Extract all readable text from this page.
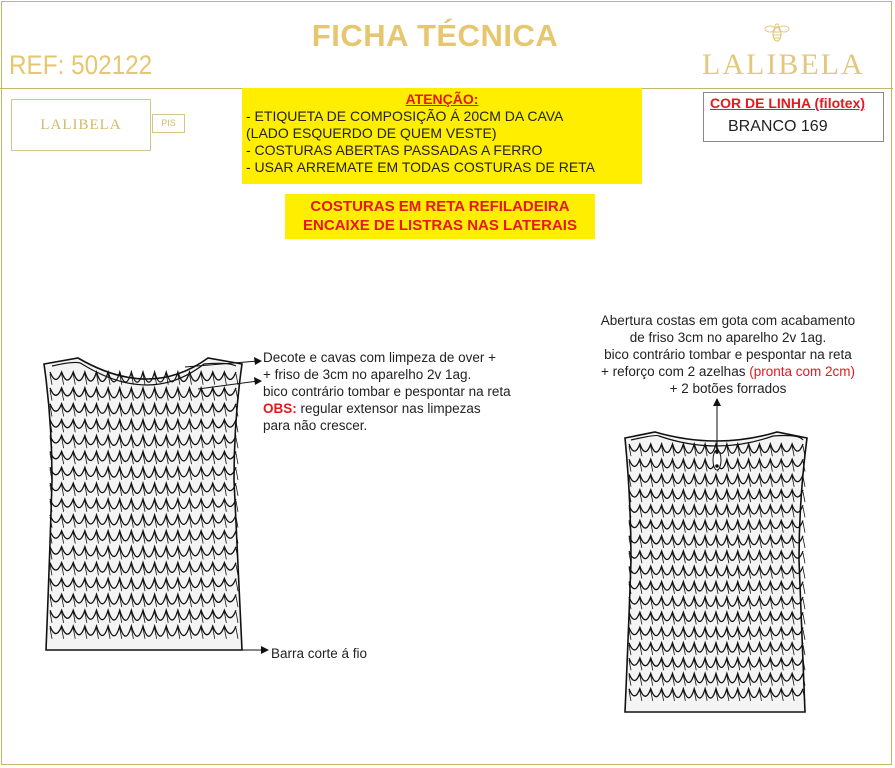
FICHA TÉCNICA
REF: 502122	LALIBELA
LALIBELA	PIS
ATENÇÃO:
- ETIQUETA DE COMPOSIÇÃO Á 20CM DA CAVA
(LADO ESQUERDO DE QUEM VESTE)
- COSTURAS ABERTAS PASSADAS A FERRO
- USAR ARREMATE EM TODAS COSTURAS DE RETA
COR DE LINHA (filotex)
BRANCO 169
COSTURAS EM RETA REFILADEIRA
ENCAIXE DE LISTRAS NAS LATERAIS
Decote e cavas com limpeza de over +
+ friso de 3cm no aparelho 2v 1ag.
bico contrário tombar e pespontar na reta
OBS: regular extensor nas limpezas
para não crescer.
Barra corte á fio
Abertura costas em gota com acabamento
de friso 3cm no aparelho 2v 1ag.
bico contrário tombar e pespontar na reta
+ reforço com 2 azelhas (pronta com 2cm)
+ 2 botões forrados
